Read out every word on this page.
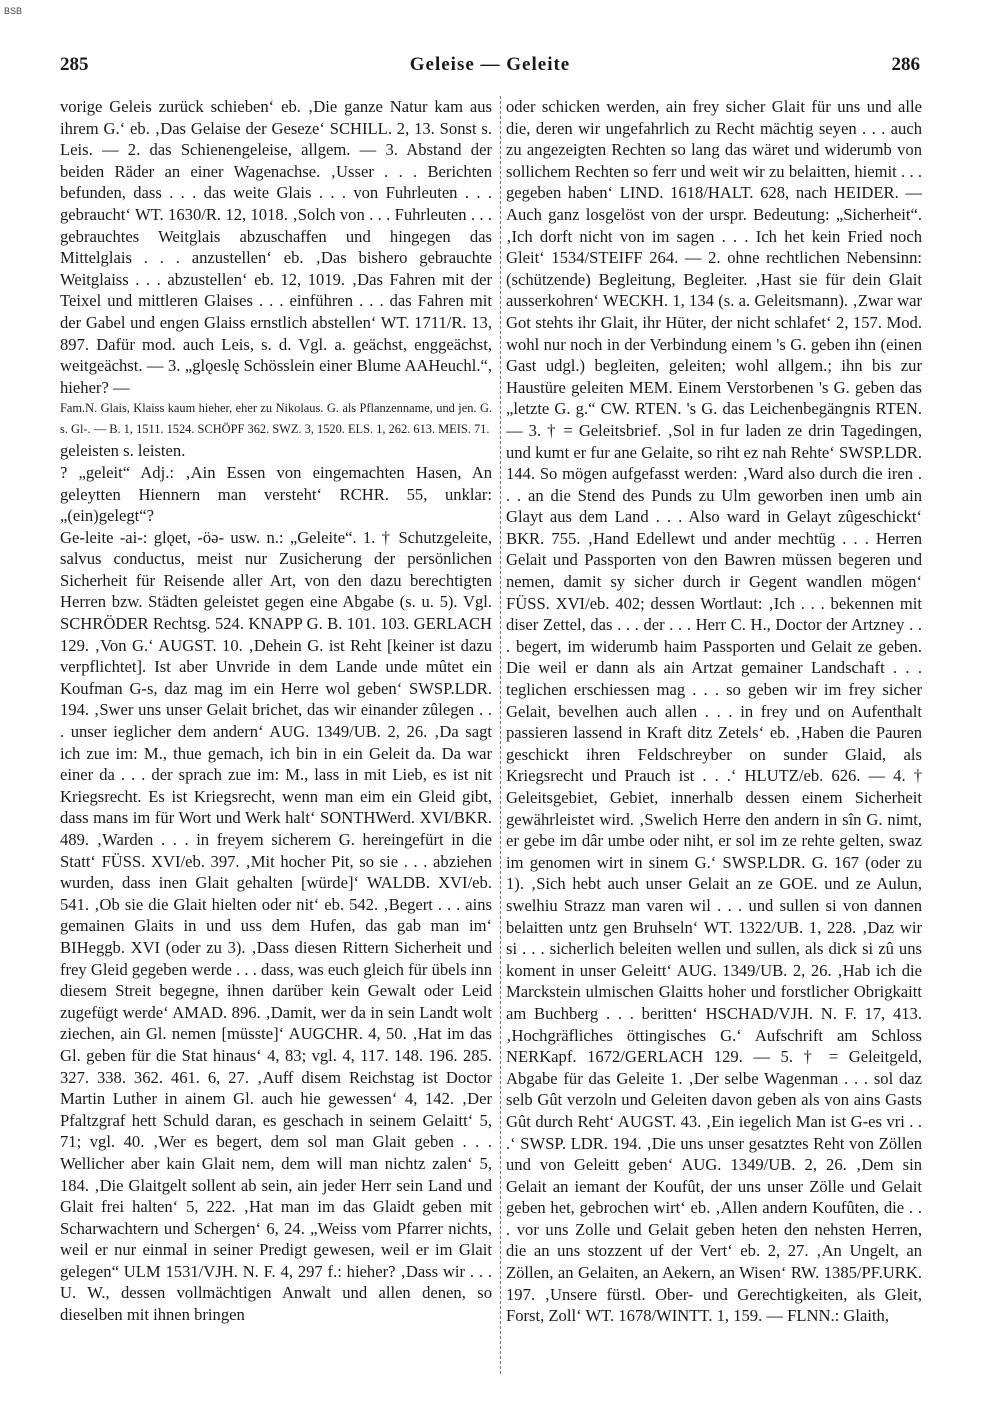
BSB
285	Geleise — Geleite	286

vorige Geleis zurück schieben‘ eb. ‚Die ganze Natur kam aus ihrem G.‘ eb. ‚Das Gelaise der Geseze‘ SCHILL. 2, 13. Sonst s. Leis. — 2. das Schienengeleise, allgem. — 3. Abstand der beiden Räder an einer Wagenachse. ‚Usser . . . Berichten befunden, dass . . . das weite Glais . . . von Fuhrleuten . . . gebraucht‘ WT. 1630/R. 12, 1018. ‚Solch von . . . Fuhrleuten . . . gebrauchtes Weitglais abzuschaffen und hingegen das Mittelglais . . . anzustellen‘ eb. ‚Das bishero gebrauchte Weitglaiss . . . abzustellen‘ eb. 12, 1019. ‚Das Fahren mit der Teixel und mittleren Glaises . . . einführen . . . das Fahren mit der Gabel und engen Glaiss ernstlich abstellen‘ WT. 1711/R. 13, 897. Dafür mod. auch Leis, s. d. Vgl. a. geächst, enggeächst, weitgeächst. — 3. „glǫeslę Schösslein einer Blume AAHeuchl.“, hieher? —

Fam.N. Glais, Klaiss kaum hieher, eher zu Nikolaus. G. als Pflanzenname, und jen. G. s. Gl-. — B. 1, 1511. 1524. SCHÖPF 362. SWZ. 3, 1520. ELS. 1, 262. 613. MEIS. 71.

geleisten s. leisten.

? „geleit“ Adj.: ‚Ain Essen von eingemachten Hasen, An geleytten Hiennern man versteht‘ RCHR. 55, unklar: „(ein)gelegt“?

Ge-leite -ai-: glǫet, -öə- usw. n.: „Geleite“. 1. † Schutzgeleite, salvus conductus, meist nur Zusicherung der persönlichen Sicherheit für Reisende aller Art, von den dazu berechtigten Herren bzw. Städten geleistet gegen eine Abgabe (s. u. 5). Vgl. SCHRÖDER Rechtsg. 524. KNAPP G. B. 101. 103. GERLACH 129. ‚Von G.‘ AUGST. 10. ‚Dehein G. ist Reht [keiner ist dazu verpflichtet]. Ist aber Unvride in dem Lande unde mûtet ein Koufman G-s, daz mag im ein Herre wol geben‘ SWSP.LDR. 194. ‚Swer uns unser Gelait brichet, das wir einander zûlegen . . . unser ieglicher dem andern‘ AUG. 1349/UB. 2, 26. ‚Da sagt ich zue im: M., thue gemach, ich bin in ein Geleit da. Da war einer da . . . der sprach zue im: M., lass in mit Lieb, es ist nit Kriegsrecht. Es ist Kriegsrecht, wenn man eim ein Gleid gibt, dass mans im für Wort und Werk halt‘ SONTHWerd. XVI/BKR. 489. ‚Warden . . . in freyem sicherem G. hereingefürt in die Statt‘ FÜSS. XVI/eb. 397. ‚Mit hocher Pit, so sie . . . abziehen wurden, dass inen Glait gehalten [würde]‘ WALDB. XVI/eb. 541. ‚Ob sie die Glait hielten oder nit‘ eb. 542. ‚Begert . . . ains gemainen Glaits in und uss dem Hufen, das gab man im‘ BIHeggb. XVI (oder zu 3). ‚Dass diesen Rittern Sicherheit und frey Gleid gegeben werde . . . dass, was euch gleich für übels inn diesem Streit begegne, ihnen darüber kein Gewalt oder Leid zugefügt werde‘ AMAD. 896. ‚Damit, wer da in sein Landt wolt ziechen, ain Gl. nemen [müsste]‘ AUGCHR. 4, 50. ‚Hat im das Gl. geben für die Stat hinaus‘ 4, 83; vgl. 4, 117. 148. 196. 285. 327. 338. 362. 461. 6, 27. ‚Auff disem Reichstag ist Doctor Martin Luther in ainem Gl. auch hie gewessen‘ 4, 142. ‚Der Pfaltzgraf hett Schuld daran, es geschach in seinem Gelaitt‘ 5, 71; vgl. 40. ‚Wer es begert, dem sol man Glait geben . . . Wellicher aber kain Glait nem, dem will man nichtz zalen‘ 5, 184. ‚Die Glaitgelt sollent ab sein, ain jeder Herr sein Land und Glait frei halten‘ 5, 222. ‚Hat man im das Glaidt geben mit Scharwachtern und Schergen‘ 6, 24. „Weiss vom Pfarrer nichts, weil er nur einmal in seiner Predigt gewesen, weil er im Glait gelegen“ ULM 1531/VJH. N. F. 4, 297 f.: hieher? ‚Dass wir . . . U. W., dessen vollmächtigen Anwalt und allen denen, so dieselben mit ihnen bringen

oder schicken werden, ain frey sicher Glait für uns und alle die, deren wir ungefahrlich zu Recht mächtig seyen . . . auch zu angezeigten Rechten so lang das wäret und widerumb von sollichem Rechten so ferr und weit wir zu belaitten, hiemit . . . gegeben haben‘ LIND. 1618/HALT. 628, nach HEIDER. — Auch ganz losgelöst von der urspr. Bedeutung: „Sicherheit“. ‚Ich dorft nicht von im sagen . . . Ich het kein Fried noch Gleit‘ 1534/STEIFF 264. — 2. ohne rechtlichen Nebensinn: (schützende) Begleitung, Begleiter. ‚Hast sie für dein Glait ausserkohren‘ WECKH. 1, 134 (s. a. Geleitsmann). ‚Zwar war Got stehts ihr Glait, ihr Hüter, der nicht schlafet‘ 2, 157. Mod. wohl nur noch in der Verbindung einem 's G. geben ihn (einen Gast udgl.) begleiten, geleiten; wohl allgem.; ihn bis zur Haustüre geleiten MEM. Einem Verstorbenen 's G. geben das „letzte G. g.“ CW. RTEN. 's G. das Leichenbegängnis RTEN. — 3. † = Geleitsbrief. ‚Sol in fur laden ze drin Tagedingen, und kumt er fur ane Gelaite, so riht ez nah Rehte‘ SWSP.LDR. 144. So mögen aufgefasst werden: ‚Ward also durch die iren . . . an die Stend des Punds zu Ulm geworben inen umb ain Glayt aus dem Land . . . Also ward in Gelayt zûgeschickt‘ BKR. 755. ‚Hand Edellewt und ander mechtüg . . . Herren Gelait und Passporten von den Bawren müssen begeren und nemen, damit sy sicher durch ir Gegent wandlen mögen‘ FÜSS. XVI/eb. 402; dessen Wortlaut: ‚Ich . . . bekennen mit diser Zettel, das . . . der . . . Herr C. H., Doctor der Artzney . . . begert, im widerumb haim Passporten und Gelait ze geben. Die weil er dann als ain Artzat gemainer Landschaft . . . teglichen erschiessen mag . . . so geben wir im frey sicher Gelait, bevelhen auch allen . . . in frey und on Aufenthalt passieren lassend in Kraft ditz Zetels‘ eb. ‚Haben die Pauren geschickt ihren Feldschreyber on sunder Glaid, als Kriegsrecht und Prauch ist . . .‘ HLUTZ/eb. 626. — 4. † Geleitsgebiet, Gebiet, innerhalb dessen einem Sicherheit gewährleistet wird. ‚Swelich Herre den andern in sîn G. nimt, er gebe im dâr umbe oder niht, er sol im ze rehte gelten, swaz im genomen wirt in sinem G.‘ SWSP.LDR. G. 167 (oder zu 1). ‚Sich hebt auch unser Gelait an ze GOE. und ze Aulun, swelhiu Strazz man varen wil . . . und sullen si von dannen belaitten untz gen Bruhseln‘ WT. 1322/UB. 1, 228. ‚Daz wir si . . . sicherlich beleiten wellen und sullen, als dick si zû uns koment in unser Geleitt‘ AUG. 1349/UB. 2, 26. ‚Hab ich die Marckstein ulmischen Glaitts hoher und forstlicher Obrigkaitt am Buchberg . . . beritten‘ HSCHAD/VJH. N. F. 17, 413. ‚Hochgräfliches öttingisches G.‘ Aufschrift am Schloss NERKapf. 1672/GERLACH 129. — 5. † = Geleitgeld, Abgabe für das Geleite 1. ‚Der selbe Wagenman . . . sol daz selb Gût verzoln und Geleiten davon geben als von ains Gasts Gût durch Reht‘ AUGST. 43. ‚Ein iegelich Man ist G-es vri . . .‘ SWSP. LDR. 194. ‚Die uns unser gesatztes Reht von Zöllen und von Geleitt geben‘ AUG. 1349/UB. 2, 26. ‚Dem sin Gelait an iemant der Koufût, der uns unser Zölle und Gelait geben het, gebrochen wirt‘ eb. ‚Allen andern Koufûten, die . . . vor uns Zolle und Gelait geben heten den nehsten Herren, die an uns stozzent uf der Vert‘ eb. 2, 27. ‚An Ungelt, an Zöllen, an Gelaiten, an Aekern, an Wisen‘ RW. 1385/PF.URK. 197. ‚Unsere fürstl. Ober- und Gerechtigkeiten, als Gleit, Forst, Zoll‘ WT. 1678/WINTT. 1, 159. — FLNN.: Glaith,
